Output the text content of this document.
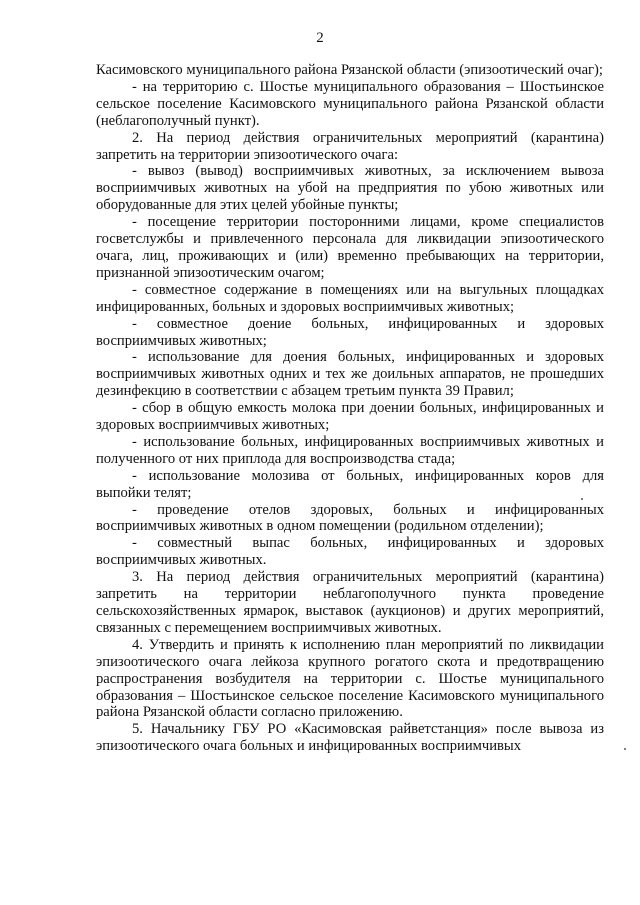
2

Касимовского муниципального района Рязанской области (эпизоотический очаг);

- на территорию с. Шостье муниципального образования – Шостьинское сельское поселение Касимовского муниципального района Рязанской области (неблагополучный пункт).

2. На период действия ограничительных мероприятий (карантина) запретить на территории эпизоотического очага:

- вывоз (вывод) восприимчивых животных, за исключением вывоза восприимчивых животных на убой на предприятия по убою животных или оборудованные для этих целей убойные пункты;

- посещение территории посторонними лицами, кроме специалистов госветслужбы и привлеченного персонала для ликвидации эпизоотического очага, лиц, проживающих и (или) временно пребывающих на территории, признанной эпизоотическим очагом;

- совместное содержание в помещениях или на выгульных площадках инфицированных, больных и здоровых восприимчивых животных;

- совместное доение больных, инфицированных и здоровых восприимчивых животных;

- использование для доения больных, инфицированных и здоровых восприимчивых животных одних и тех же доильных аппаратов, не прошедших дезинфекцию в соответствии с абзацем третьим пункта 39 Правил;

- сбор в общую емкость молока при доении больных, инфицированных и здоровых восприимчивых животных;

- использование больных, инфицированных восприимчивых животных и полученного от них приплода для воспроизводства стада;

- использование молозива от больных, инфицированных коров для выпойки телят;

- проведение отелов здоровых, больных и инфицированных восприимчивых животных в одном помещении (родильном отделении);

- совместный выпас больных, инфицированных и здоровых восприимчивых животных.

3. На период действия ограничительных мероприятий (карантина) запретить на территории неблагополучного пункта проведение сельскохозяйственных ярмарок, выставок (аукционов) и других мероприятий, связанных с перемещением восприимчивых животных.

4. Утвердить и принять к исполнению план мероприятий по ликвидации эпизоотического очага лейкоза крупного рогатого скота и предотвращению распространения возбудителя на территории с. Шостье муниципального образования – Шостьинское сельское поселение Касимовского муниципального района Рязанской области согласно приложению.

5. Начальнику ГБУ РО «Касимовская райветстанция» после вывоза из эпизоотического очага больных и инфицированных восприимчивых
